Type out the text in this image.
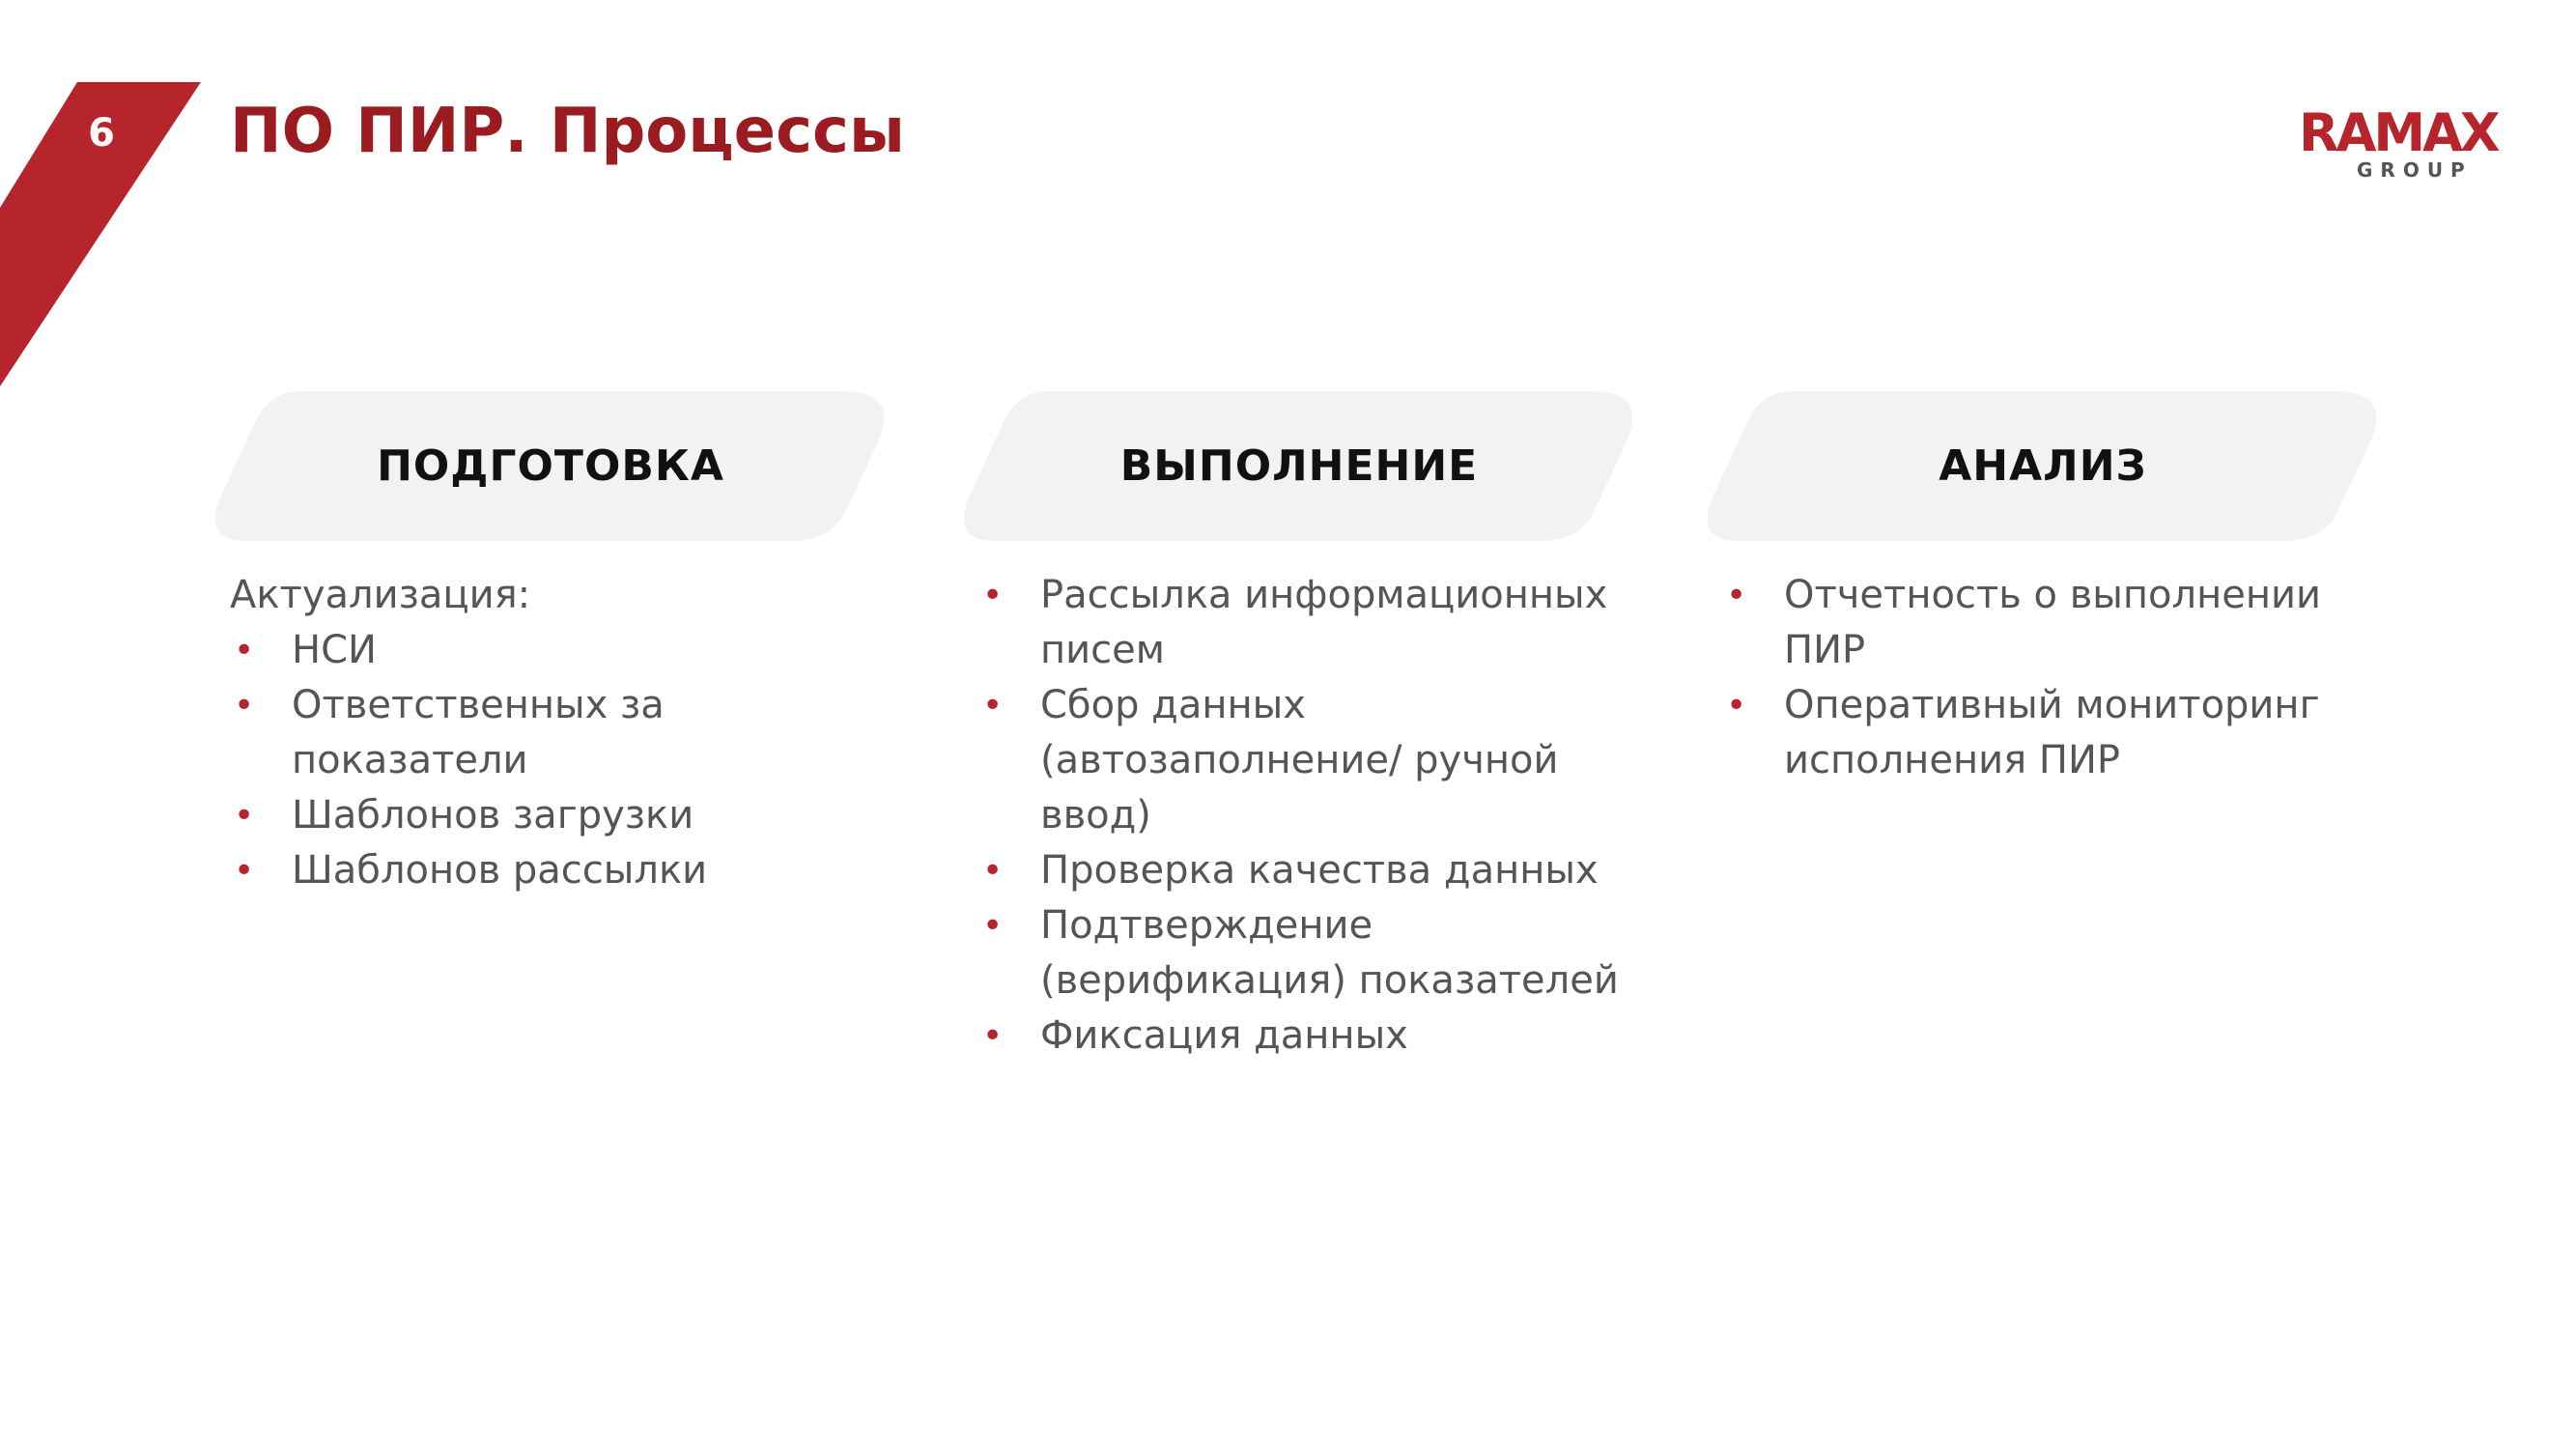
6	ПО ПИР. Процессы	RAMAX
GROUP
ПОДГОТОВКА
Актуализация:
• НСИ
• Ответственных за показатели
• Шаблонов загрузки
• Шаблонов рассылки
ВЫПОЛНЕНИЕ
• Рассылка информационных писем
• Сбор данных (автозаполнение/ ручной ввод)
• Проверка качества данных
• Подтверждение (верификация) показателей
• Фиксация данных
АНАЛИЗ
• Отчетность о выполнении ПИР
• Оперативный мониторинг исполнения ПИР
